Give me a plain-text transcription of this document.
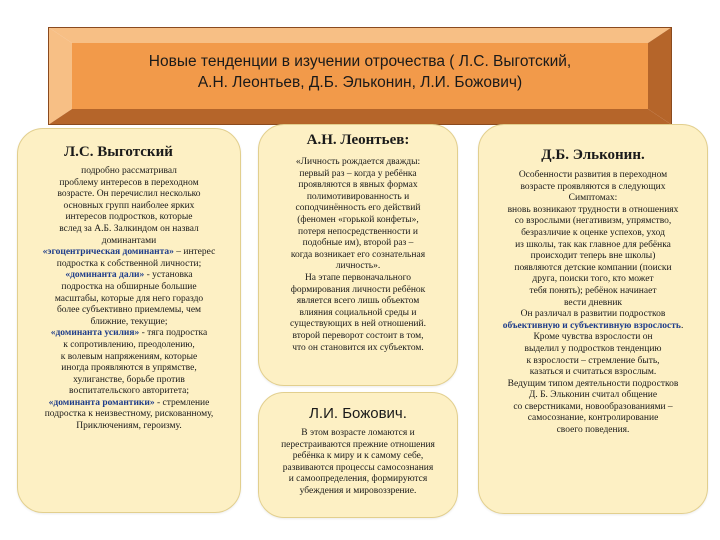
Новые тенденции в изучении отрочества ( Л.С. Выготский,
А.Н. Леонтьев, Д.Б. Эльконин, Л.И. Божович)
Л.С. Выготский

подробно рассматривал

проблему интересов в переходном

возрасте. Он перечислил несколько

основных групп наиболее ярких

интересов подростков, которые

вслед за А.Б. Залкиндом он назвал

доминантами

«эгоцентрическая доминанта» – интерес

подростка к собственной личности;

«доминанта дали» - установка

подростка на обширные большие

масштабы, которые для него гораздо

более субъективно приемлемы, чем

ближние, текущие;

«доминанта усилия» - тяга подростка

к сопротивлению, преодолению,

к волевым напряжениям, которые

иногда проявляются в упрямстве,

хулиганстве, борьбе против

воспитательского авторитета;

«доминанта романтики» - стремление

подростка к неизвестному, рискованному,

Приключениям, героизму.

А.Н. Леонтьев:

«Личность рождается дважды:

первый раз – когда у ребёнка

проявляются в явных формах

полимотивированность и

соподчинённость его действий

(феномен «горькой конфеты»,

потеря непосредственности и

подобные им), второй раз –

когда возникает его сознательная

личность».

На этапе первоначального

формирования личности ребёнок

является всего лишь объектом

влияния социальной среды и

существующих в ней отношений.

второй переворот состоит в том,

что он становится их субъектом.

Л.И. Божович.

В этом возрасте ломаются и

перестраиваются прежние отношения

ребёнка к миру и к самому себе,

развиваются процессы самосознания

и самоопределения, формируются

убеждения и мировоззрение.

Д.Б. Эльконин.

Особенности развития в переходном

возрасте проявляются в следующих

Симптомах:

вновь возникают трудности в отношениях

со взрослыми (негативизм, упрямство,

безразличие к оценке успехов, уход

из школы, так как главное для ребёнка

происходит теперь вне школы)

появляются детские компании (поиски

друга, поиски того, кто может

тебя понять); ребёнок начинает

вести дневник

Он различал в развитии подростков

объективную и субъективную взрослость.

Кроме чувства взрослости он

выделил у подростков тенденцию

к взрослости – стремление быть,

казаться и считаться взрослым.

Ведущим типом деятельности подростков

Д. Б. Эльконин считал общение

со сверстниками, новообразованиями –

самосознание, контролирование

своего поведения.
